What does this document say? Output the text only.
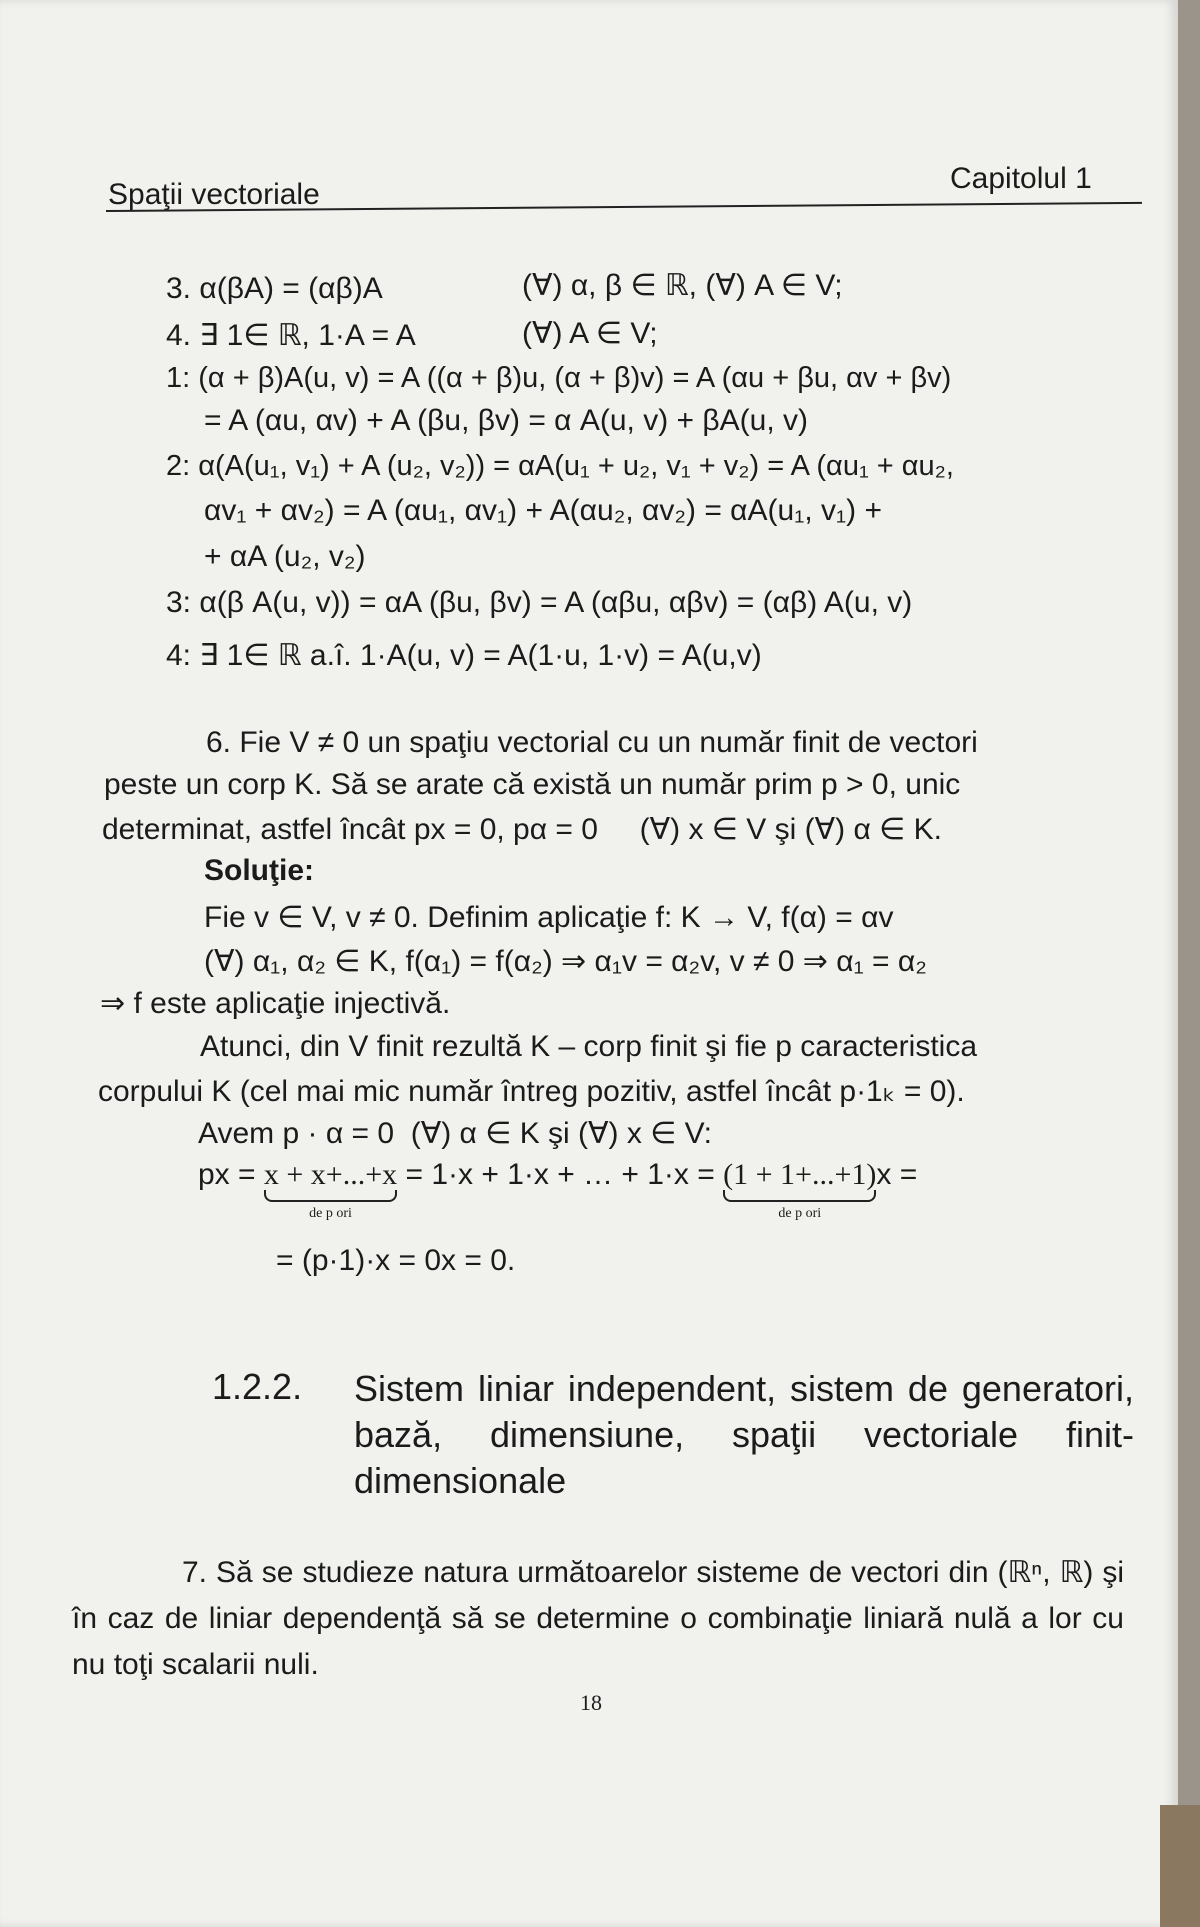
Spaţii vectoriale	Capitolul 1
3. α(βA) = (αβ)A	(∀) α, β ∈ ℝ, (∀) A ∈ V;
4. ∃ 1∈ ℝ, 1·A = A	(∀) A ∈ V;
1: (α + β)A(u, v) = A ((α + β)u, (α + β)v) = A (αu + βu, αv + βv)
= A (αu, αv) + A (βu, βv) = α A(u, v) + βA(u, v)
2: α(A(u₁, v₁) + A (u₂, v₂)) = αA(u₁ + u₂, v₁ + v₂) = A (αu₁ + αu₂,
αv₁ + αv₂) = A (αu₁, αv₁) + A(αu₂, αv₂) = αA(u₁, v₁) +
+ αA (u₂, v₂)
3: α(β A(u, v)) = αA (βu, βv) = A (αβu, αβv) = (αβ) A(u, v)
4: ∃ 1∈ ℝ a.î. 1·A(u, v) = A(1·u, 1·v) = A(u,v)
6. Fie V ≠ 0 un spaţiu vectorial cu un număr finit de vectori
peste un corp K. Să se arate că există un număr prim p > 0, unic
determinat, astfel încât px = 0, pα = 0     (∀) x ∈ V şi (∀) α ∈ K.
Soluţie:
Fie v ∈ V, v ≠ 0. Definim aplicaţie f: K → V, f(α) = αv
(∀) α₁, α₂ ∈ K, f(α₁) = f(α₂) ⇒ α₁v = α₂v, v ≠ 0 ⇒ α₁ = α₂
⇒ f este aplicaţie injectivă.
Atunci, din V finit rezultă K – corp finit şi fie p caracteristica
corpului K (cel mai mic număr întreg pozitiv, astfel încât p·1ₖ = 0).
Avem p · α = 0  (∀) α ∈ K şi (∀) x ∈ V:
px = x + x+...+x
de p ori
= 1·x + 1·x + … + 1·x = (1 + 1+...+1)
de p ori
x =
= (p·1)·x = 0x = 0.
1.2.2. Sistem liniar independent, sistem de generatori, bază, dimensiune, spaţii vectoriale finit-dimensionale
7. Să se studieze natura următoarelor sisteme de vectori din (ℝⁿ, ℝ) şi în caz de liniar dependenţă să se determine o combinaţie liniară nulă a lor cu nu toţi scalarii nuli.
18
